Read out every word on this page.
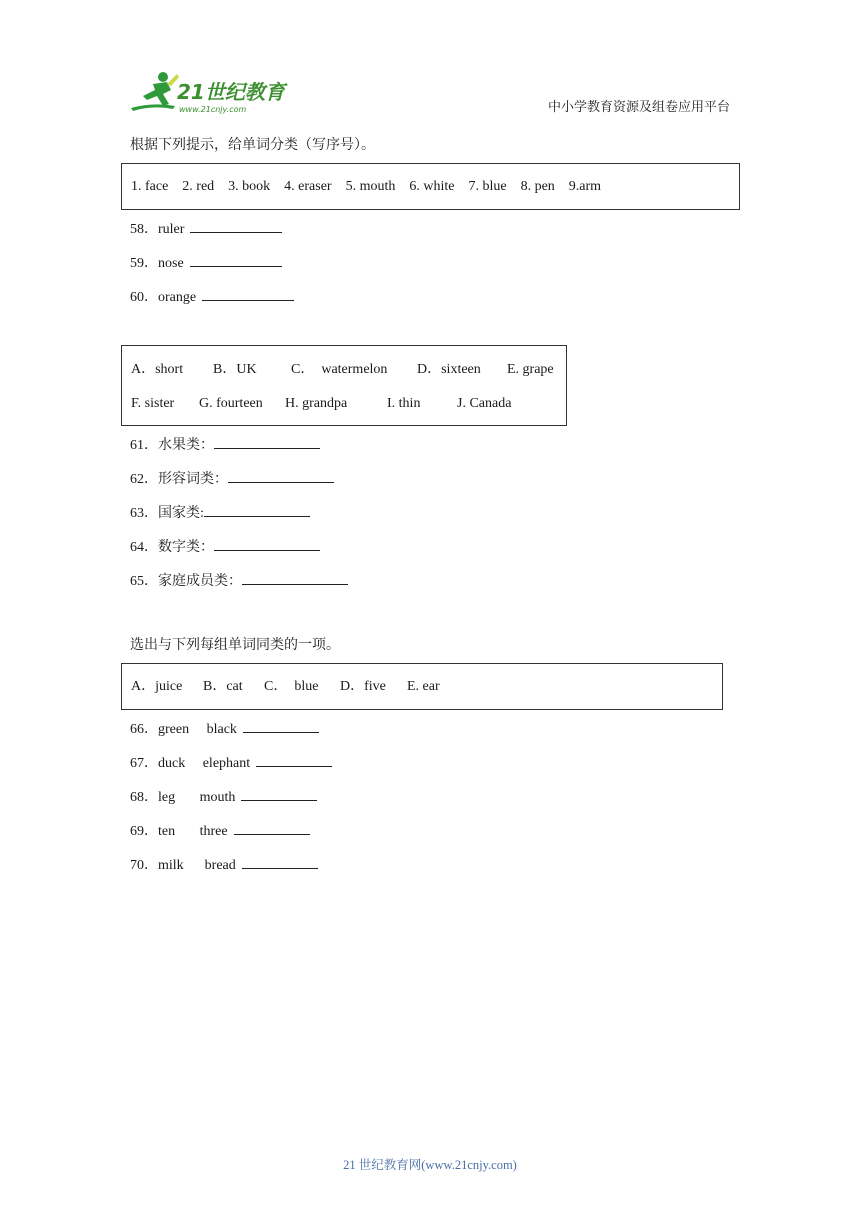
21世纪教育
www.21cnjy.com	中小学教育资源及组卷应用平台
根据下列提示，给单词分类（写序号）。
1. face    2. red    3. book    4. eraser    5. mouth    6. white    7. blue    8. pen    9.arm
58．ruler
59．nose
60．orange
A．short B．UK C．  watermelon D．sixteen E. grape
F. sister G. fourteen H. grandpa	I. thin	J. Canada
61．水果类：
62．形容词类：
63．国家类:
64．数字类：
65．家庭成员类：
选出与下列每组单词同类的一项。
A．juice B．cat C．  blue D．five E. ear
66．green     black
67．duck     elephant
68．leg       mouth
69．ten       three
70．milk      bread
21 世纪教育网(www.21cnjy.com)
